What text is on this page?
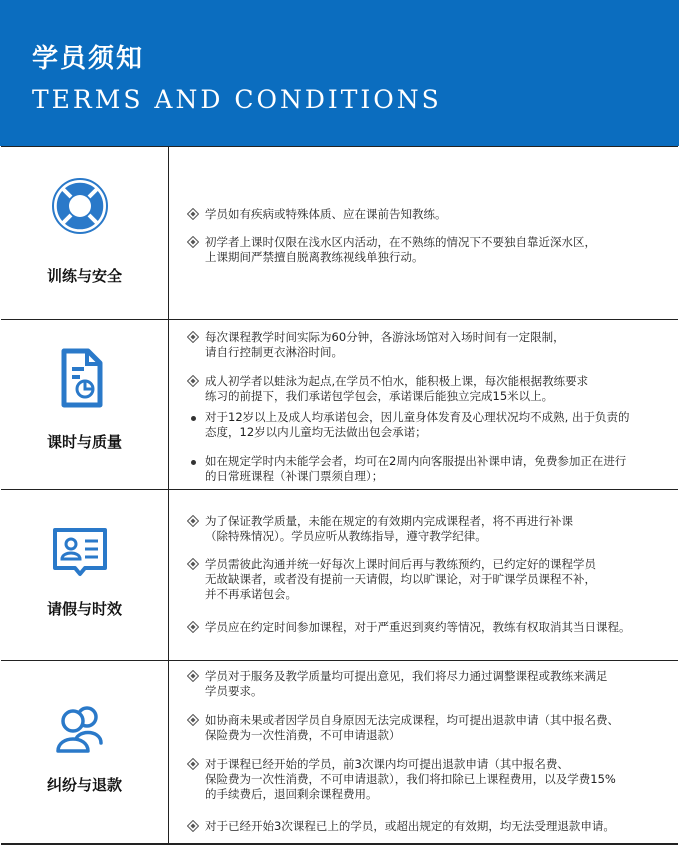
学员须知
TERMS AND CONDITIONS
训练与安全
学员如有疾病或特殊体质、应在课前告知教练。
初学者上课时仅限在浅水区内活动，在不熟练的情况下不要独自靠近深水区，
上课期间严禁擅自脱离教练视线单独行动。
课时与质量
每次课程教学时间实际为60分钟，各游泳场馆对入场时间有一定限制，
请自行控制更衣淋浴时间。
成人初学者以蛙泳为起点,在学员不怕水，能积极上课，每次能根据教练要求
练习的前提下，我们承诺包学包会，承诺课后能独立完成15米以上。
对于12岁以上及成人均承诺包会，因儿童身体发育及心理状况均不成熟, 出于负责的
态度，12岁以内儿童均无法做出包会承诺；
如在规定学时内未能学会者，均可在2周内向客服提出补课申请，免费参加正在进行
的日常班课程（补课门票须自理）；
请假与时效
为了保证教学质量，未能在规定的有效期内完成课程者，将不再进行补课
（除特殊情况）。学员应听从教练指导，遵守教学纪律。
学员需彼此沟通并统一好每次上课时间后再与教练预约，已约定好的课程学员
无故缺课者，或者没有提前一天请假，均以旷课论，对于旷课学员课程不补，
并不再承诺包会。
学员应在约定时间参加课程，对于严重迟到爽约等情况，教练有权取消其当日课程。
纠纷与退款
学员对于服务及教学质量均可提出意见，我们将尽力通过调整课程或教练来满足
学员要求。
如协商未果或者因学员自身原因无法完成课程，均可提出退款申请（其中报名费、
保险费为一次性消费，不可申请退款）
对于课程已经开始的学员，前3次课内均可提出退款申请（其中报名费、
保险费为一次性消费，不可申请退款），我们将扣除已上课程费用，以及学费15%
的手续费后，退回剩余课程费用。
对于已经开始3次课程已上的学员，或超出规定的有效期，均无法受理退款申请。
